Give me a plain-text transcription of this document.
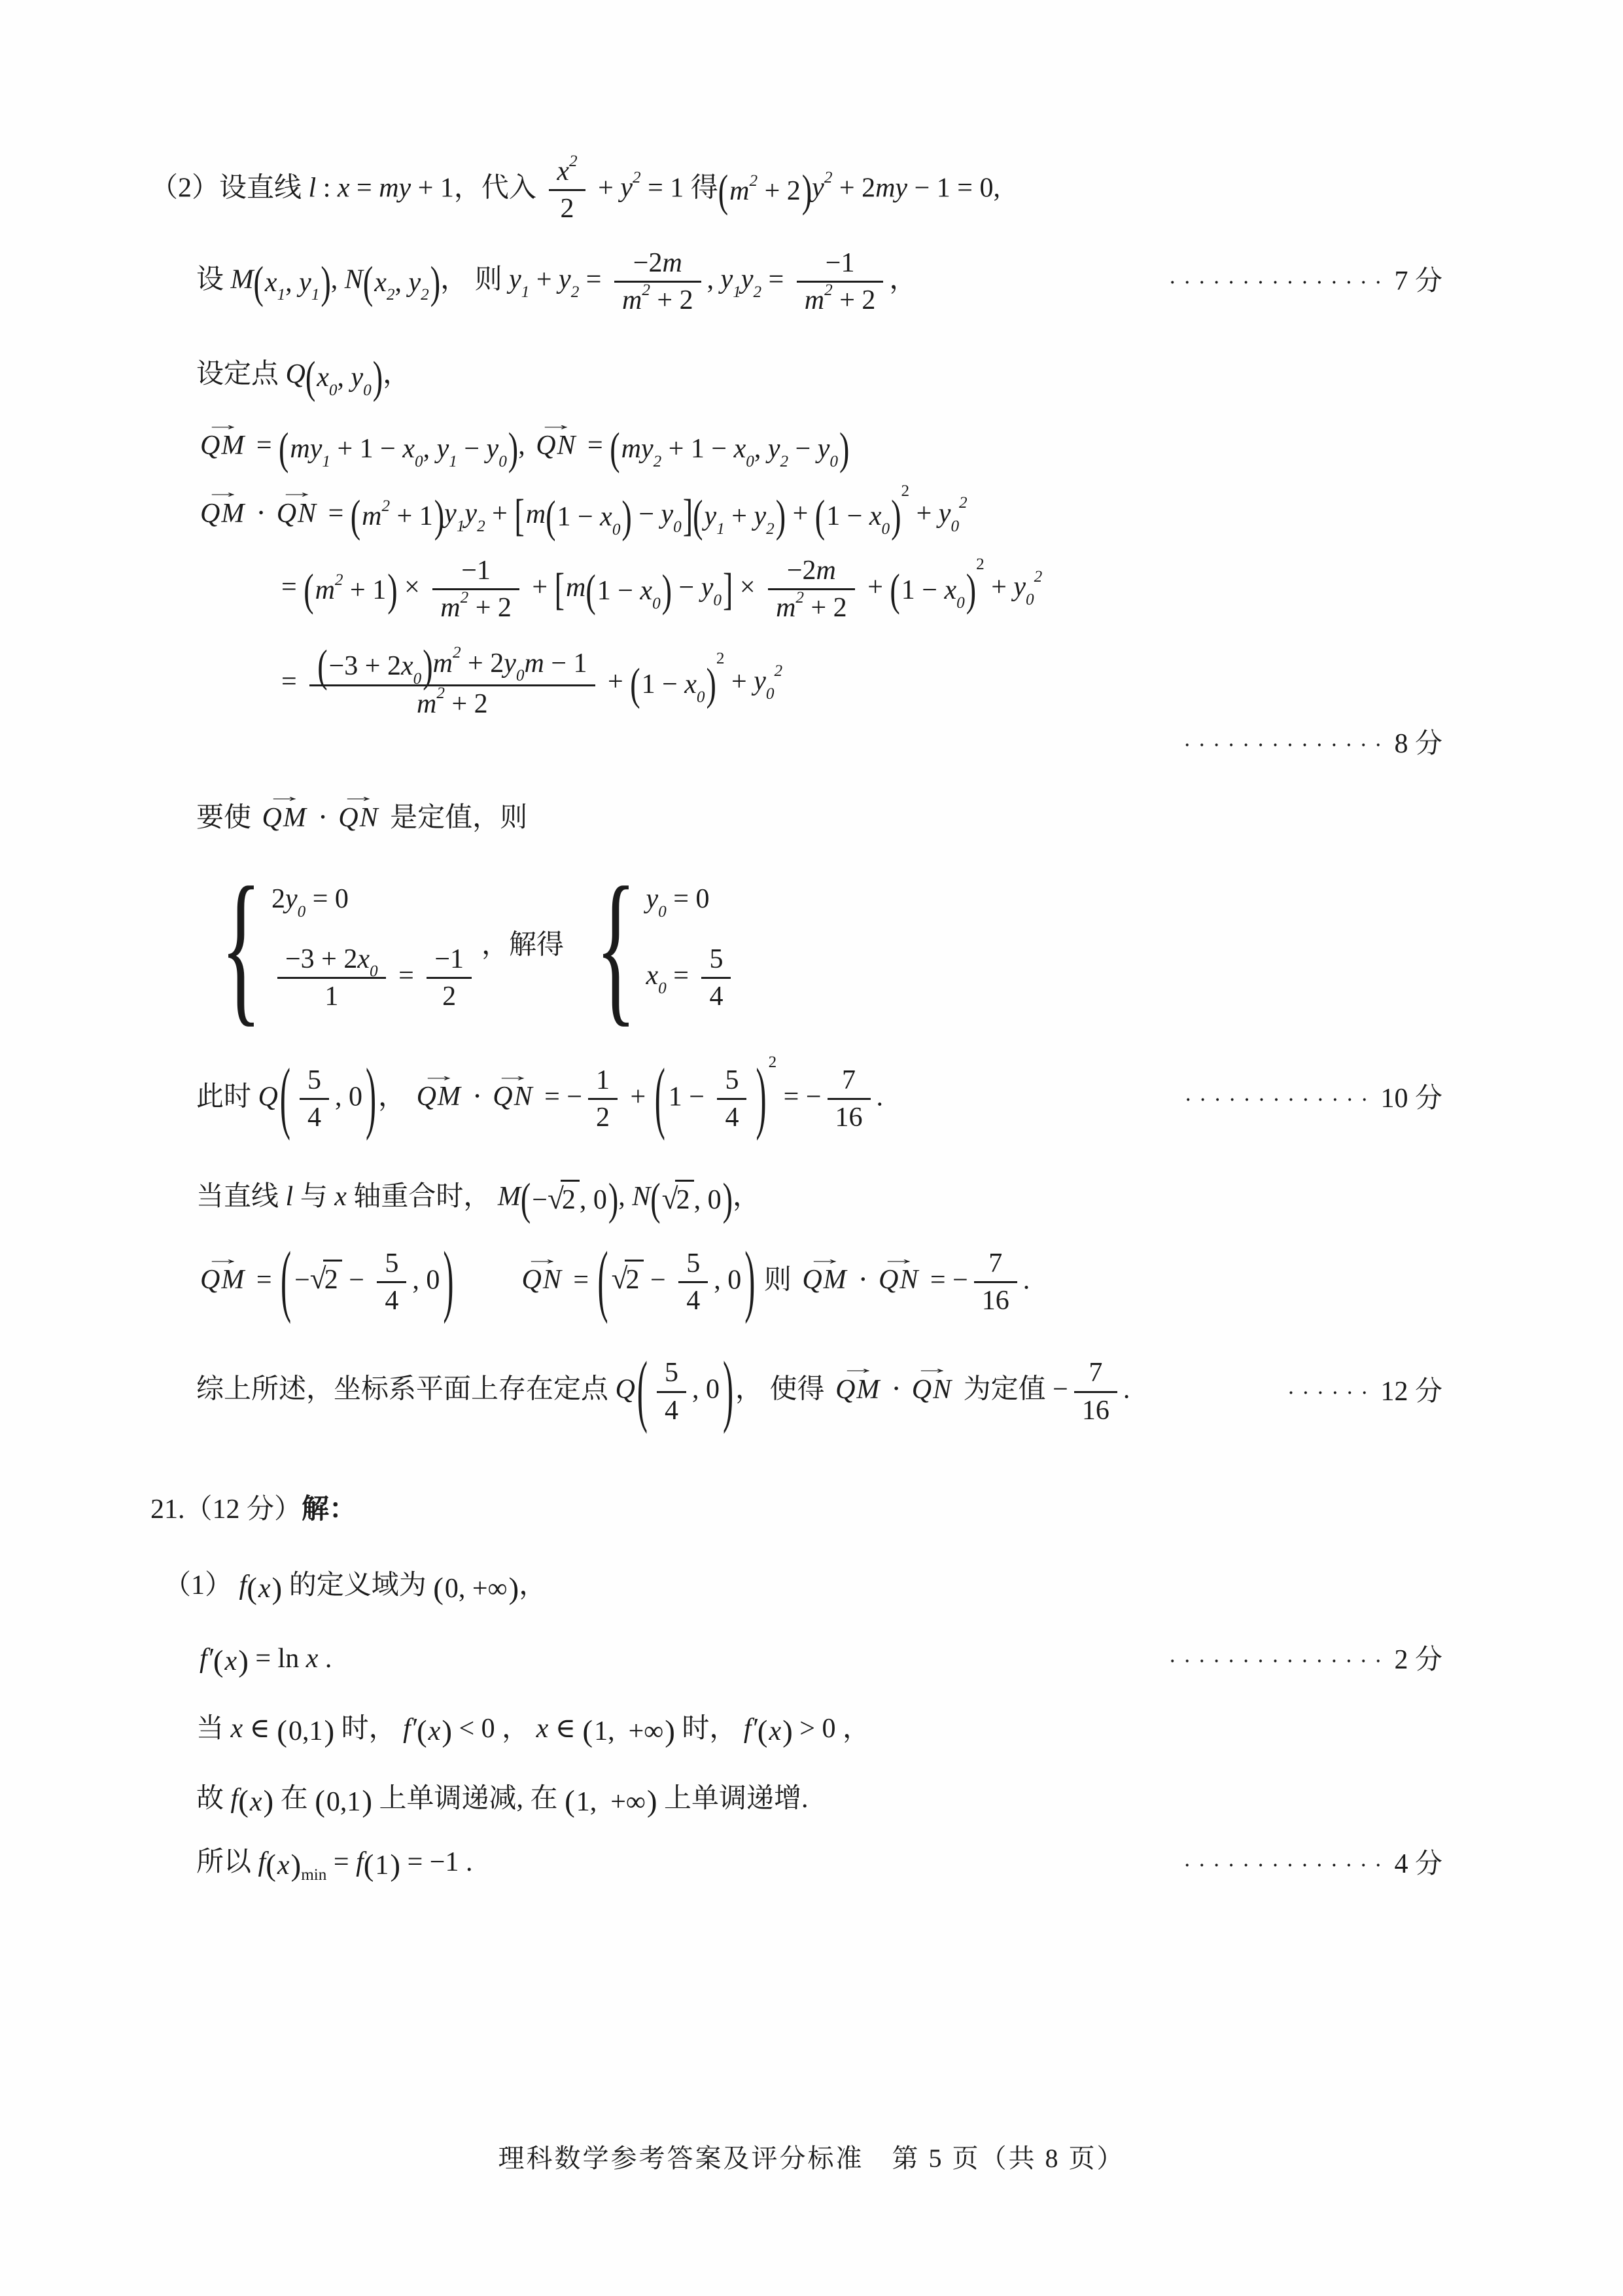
（2）设直线 l : x = my + 1，代入 $\frac{x^2}{2} + y^2 = 1$ 得$(m^2 + 2)y^2 + 2my - 1 = 0$,
设 $M(x_1$, $y_1$), $N(x_2$, $y_2$)， 则 $y_1 + y_2 = \frac{-2m}{m^2 + 2}$ , $y_1y_2 = \frac{-1}{m^2 + 2}$ ，	··············· 7 分
设定点 $Q(x_0$, $y_0$)，
→
QM = ($my_1 + 1 - x_0$, $y_1 - y_0$),
→
QN = ($my_2 + 1 - x_0$, $y_2 - y_0$)
→
QM ⋅
→
QN = $(m^2 + 1)y_1y_2 + [m(1 - x_0) - y_0](y_1 + y_2) + (1 - x_0)^2 + y_0^2$
= $(m^2 + 1) \times \frac{-1}{m^2 + 2} + [m(1 - x_0) - y_0] \times \frac{-2m}{m^2 + 2} + (1 - x_0)^2 + y_0^2$
= $\frac{(-3 + 2x_0)m^2 + 2y_0m - 1}{m^2 + 2} + (1 - x_0)^2 + y_0^2$
·············· 8 分
要使
→
QM ⋅
→
QN 是定值，则
{ $2y_0 = 0$
$\frac{-3 + 2x_0}{1} = \frac{-1}{2}$ ，解得 { $y_0 = 0$
$x_0 = \frac{5}{4}$
此时 $Q( \frac{5}{4}$ , 0 )，
→
QM ⋅
→
QN = − $\frac{1}{2}$ + ( $1 - \frac{5}{4}$ ) $^2$ = − $\frac{7}{16}$ .	············· 10 分
当直线 l 与 x 轴重合时， M(−√2 , 0), N(√2 , 0)，
→
QM = ( $-√2 - \frac{5}{4}$ , 0 )	→
QN = ( $√2 - \frac{5}{4}$ , 0 ) 则
→
QM ⋅
→
QN = − $\frac{7}{16}$ .
综上所述，坐标系平面上存在定点 $Q( \frac{5}{4}$ , 0 )， 使得
→
QM ⋅
→
QN 为定值 − $\frac{7}{16}$ .	······ 12 分
21.（12 分）解：
（1） f(x) 的定义域为 (0, +∞)，
f′(x) = ln x .	··············· 2 分
当 x ∈ (0,1) 时， f′(x) < 0 ， x ∈ (1,  +∞) 时， f′(x) > 0 ，
故 f(x) 在 (0,1) 上单调递减, 在 (1,  +∞) 上单调递增.
所以 $f(x)_{min} = f(1) = -1$ .	·············· 4 分
理科数学参考答案及评分标准　第 5 页（共 8 页）
